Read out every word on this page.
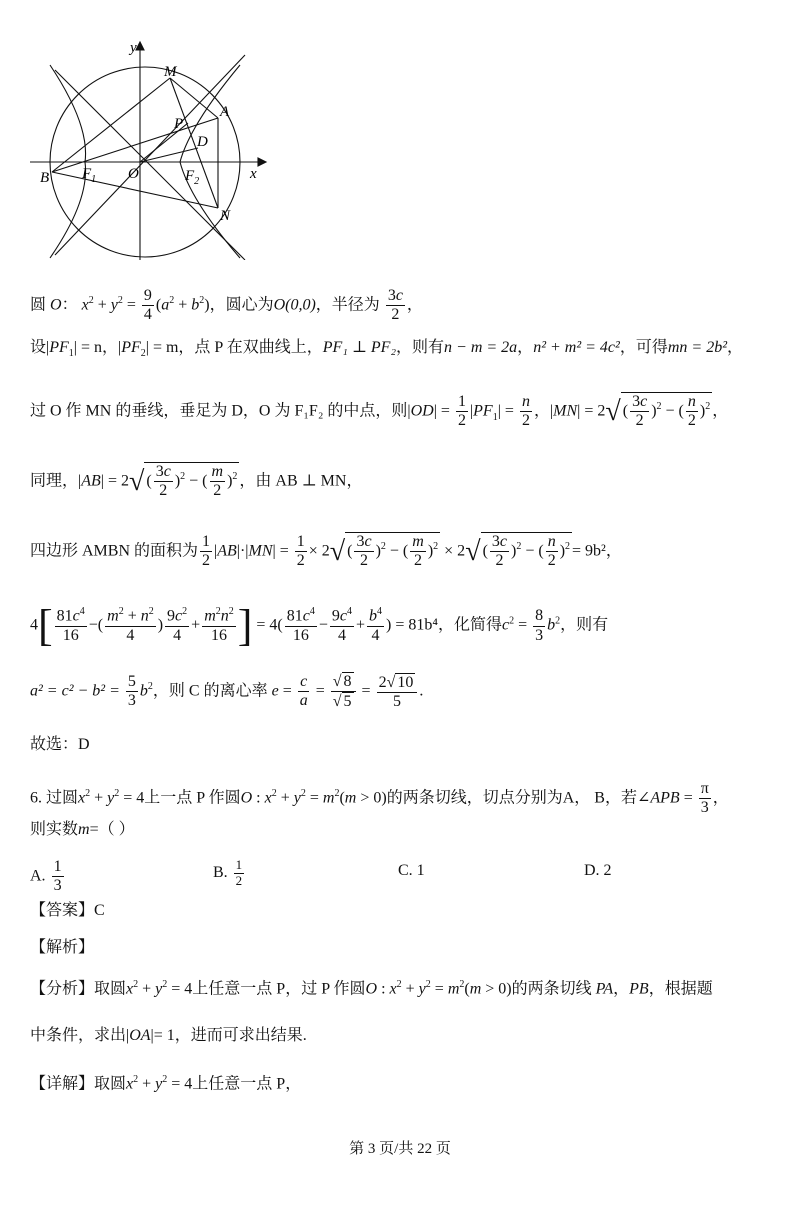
y
x
M
A
P
D
B $F_1$ O	$F_2$
N
圆 O： $x^2 + y^2 = \frac{9}{4} (a^2 + b^2)$，圆心为O(0,0)，半径为 $\frac{3c}{2}$ ，
设$|PF_1| = n$，$|PF_2| = m$，点 P 在双曲线上，PF₁ ⊥ PF₂，则有n − m = 2a，n² + m² = 4c²，可得mn = 2b²，
过 O 作 MN 的垂线，垂足为 D，O 为 F₁F₂ 的中点，则$|OD| = \frac{1}{2} |PF_1| = \frac{n}{2}$ ，|MN| = 2√ ( $\frac{3c}{2} )^2$ − ( $\frac{n}{2} )^2$ ，
同理，|AB| = 2√ ( $\frac{3c}{2} )^2$ − ( $\frac{m}{2} )^2$ ，由 AB ⊥ MN，
四边形 AMBN 的面积为 $\frac{1}{2} |AB|\cdot|MN| = \frac{1}{2} \times 2√$ ( $\frac{3c}{2} )^2$ − ( $\frac{m}{2} )^2 \times 2√$ ( $\frac{3c}{2} )^2$ − ( $\frac{n}{2} )^2 = 9b^2$，
$4[ \frac{81c^4}{16}$ −( $\frac{m^2 + n^2}{4}$ ) $\frac{9c^2}{4} + \frac{m^2n^2}{16}$ ] = $4( \frac{81c^4}{16} - \frac{9c^4}{4} + \frac{b^4}{4}$ ) = 81b⁴，化简得$c^2 = \frac{8}{3} b^2$，则有
$a^2 = c^2 - b^2 = \frac{5}{3} b^2$，则 C 的离心率 $e = \frac{c}{a} = \frac{√ 8}{√ 5} = \frac{2√ 10}{5}$ .
故选：D
6. 过圆$x^2 + y^2 = 4$上一点 P 作圆O : $x^2 + y^2 = m^2(m > 0)$的两条切线，切点分别为A， B，若∠APB = $\frac{\pi}{3}$ ，
则实数m=（ ）
A. $\frac{1}{3}$	B. $\frac{1}{2}$	C. 1	D. 2
【答案】C
【解析】
【分析】取圆$x^2 + y^2 = 4$上任意一点 P，过 P 作圆O : $x^2 + y^2 = m^2(m > 0)$的两条切线 PA，PB，根据题
中条件，求出|OA|= 1，进而可求出结果.
【详解】取圆$x^2 + y^2 = 4$上任意一点 P，
第 3 页/共 22 页
